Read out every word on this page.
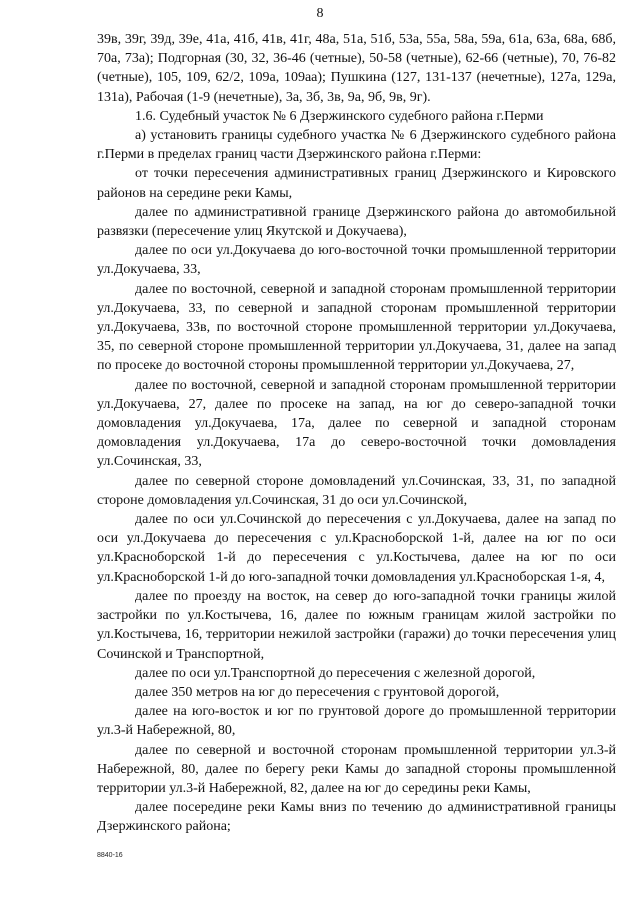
8

39в, 39г, 39д, 39е, 41а, 41б, 41в, 41г, 48а, 51а, 51б, 53а, 55а, 58а, 59а, 61а, 63а, 68а, 68б, 70а, 73а); Подгорная (30, 32, 36-46 (четные), 50-58 (четные), 62-66 (четные), 70, 76-82 (четные), 105, 109, 62/2, 109а, 109аа); Пушкина (127, 131-137 (нечетные), 127а, 129а, 131а), Рабочая (1-9 (нечетные), 3а, 3б, 3в, 9а, 9б, 9в, 9г).

1.6. Судебный участок № 6 Дзержинского судебного района г.Перми

а) установить границы судебного участка № 6 Дзержинского судебного района г.Перми в пределах границ части Дзержинского района г.Перми:

от точки пересечения административных границ Дзержинского и Кировского районов на середине реки Камы,

далее по административной границе Дзержинского района до автомобильной развязки (пересечение улиц Якутской и Докучаева),

далее по оси ул.Докучаева до юго-восточной точки промышленной территории ул.Докучаева, 33,

далее по восточной, северной и западной сторонам промышленной территории ул.Докучаева, 33, по северной и западной сторонам промышленной территории ул.Докучаева, 33в, по восточной стороне промышленной территории ул.Докучаева, 35, по северной стороне промышленной территории ул.Докучаева, 31, далее на запад по просеке до восточной стороны промышленной территории ул.Докучаева, 27,

далее по восточной, северной и западной сторонам промышленной территории ул.Докучаева, 27, далее по просеке на запад, на юг до северо-западной точки домовладения ул.Докучаева, 17а, далее по северной и западной сторонам домовладения ул.Докучаева, 17а до северо-восточной точки домовладения ул.Сочинская, 33,

далее по северной стороне домовладений ул.Сочинская, 33, 31, по западной стороне домовладения ул.Сочинская, 31 до оси ул.Сочинской,

далее по оси ул.Сочинской до пересечения с ул.Докучаева, далее на запад по оси ул.Докучаева до пересечения с ул.Красноборской 1-й, далее на юг по оси ул.Красноборской 1-й до пересечения с ул.Костычева, далее на юг по оси ул.Красноборской 1-й до юго-западной точки домовладения ул.Красноборская 1-я, 4,

далее по проезду на восток, на север до юго-западной точки границы жилой застройки по ул.Костычева, 16, далее по южным границам жилой застройки по ул.Костычева, 16, территории нежилой застройки (гаражи) до точки пересечения улиц Сочинской и Транспортной,

далее по оси ул.Транспортной до пересечения с железной дорогой,

далее 350 метров на юг до пересечения с грунтовой дорогой,

далее на юго-восток и юг по грунтовой дороге до промышленной территории ул.3-й Набережной, 80,

далее по северной и восточной сторонам промышленной территории ул.3-й Набережной, 80, далее по берегу реки Камы до западной стороны промышленной территории ул.3-й Набережной, 82, далее на юг до середины реки Камы,

далее посередине реки Камы вниз по течению до административной границы Дзержинского района;

8840-16
